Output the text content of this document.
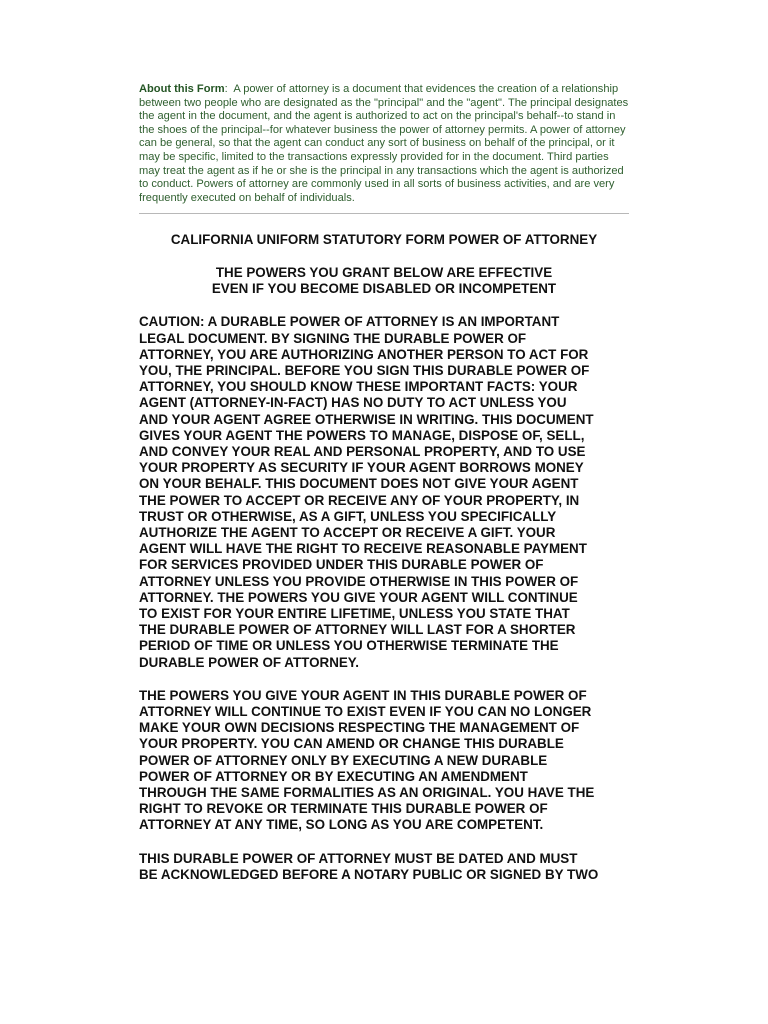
About this Form: A power of attorney is a document that evidences the creation of a relationship between two people who are designated as the "principal" and the "agent". The principal designates the agent in the document, and the agent is authorized to act on the principal's behalf--to stand in the shoes of the principal--for whatever business the power of attorney permits. A power of attorney can be general, so that the agent can conduct any sort of business on behalf of the principal, or it may be specific, limited to the transactions expressly provided for in the document. Third parties may treat the agent as if he or she is the principal in any transactions which the agent is authorized to conduct. Powers of attorney are commonly used in all sorts of business activities, and are very frequently executed on behalf of individuals.

CALIFORNIA UNIFORM STATUTORY FORM POWER OF ATTORNEY
THE POWERS YOU GRANT BELOW ARE EFFECTIVE
EVEN IF YOU BECOME DISABLED OR INCOMPETENT
CAUTION: A DURABLE POWER OF ATTORNEY IS AN IMPORTANT
LEGAL DOCUMENT. BY SIGNING THE DURABLE POWER OF
ATTORNEY, YOU ARE AUTHORIZING ANOTHER PERSON TO ACT FOR
YOU, THE PRINCIPAL. BEFORE YOU SIGN THIS DURABLE POWER OF
ATTORNEY, YOU SHOULD KNOW THESE IMPORTANT FACTS: YOUR
AGENT (ATTORNEY-IN-FACT) HAS NO DUTY TO ACT UNLESS YOU
AND YOUR AGENT AGREE OTHERWISE IN WRITING. THIS DOCUMENT
GIVES YOUR AGENT THE POWERS TO MANAGE, DISPOSE OF, SELL,
AND CONVEY YOUR REAL AND PERSONAL PROPERTY, AND TO USE
YOUR PROPERTY AS SECURITY IF YOUR AGENT BORROWS MONEY
ON YOUR BEHALF. THIS DOCUMENT DOES NOT GIVE YOUR AGENT
THE POWER TO ACCEPT OR RECEIVE ANY OF YOUR PROPERTY, IN
TRUST OR OTHERWISE, AS A GIFT, UNLESS YOU SPECIFICALLY
AUTHORIZE THE AGENT TO ACCEPT OR RECEIVE A GIFT. YOUR
AGENT WILL HAVE THE RIGHT TO RECEIVE REASONABLE PAYMENT
FOR SERVICES PROVIDED UNDER THIS DURABLE POWER OF
ATTORNEY UNLESS YOU PROVIDE OTHERWISE IN THIS POWER OF
ATTORNEY. THE POWERS YOU GIVE YOUR AGENT WILL CONTINUE
TO EXIST FOR YOUR ENTIRE LIFETIME, UNLESS YOU STATE THAT
THE DURABLE POWER OF ATTORNEY WILL LAST FOR A SHORTER
PERIOD OF TIME OR UNLESS YOU OTHERWISE TERMINATE THE
DURABLE POWER OF ATTORNEY.
THE POWERS YOU GIVE YOUR AGENT IN THIS DURABLE POWER OF
ATTORNEY WILL CONTINUE TO EXIST EVEN IF YOU CAN NO LONGER
MAKE YOUR OWN DECISIONS RESPECTING THE MANAGEMENT OF
YOUR PROPERTY. YOU CAN AMEND OR CHANGE THIS DURABLE
POWER OF ATTORNEY ONLY BY EXECUTING A NEW DURABLE
POWER OF ATTORNEY OR BY EXECUTING AN AMENDMENT
THROUGH THE SAME FORMALITIES AS AN ORIGINAL. YOU HAVE THE
RIGHT TO REVOKE OR TERMINATE THIS DURABLE POWER OF
ATTORNEY AT ANY TIME, SO LONG AS YOU ARE COMPETENT.
THIS DURABLE POWER OF ATTORNEY MUST BE DATED AND MUST
BE ACKNOWLEDGED BEFORE A NOTARY PUBLIC OR SIGNED BY TWO
